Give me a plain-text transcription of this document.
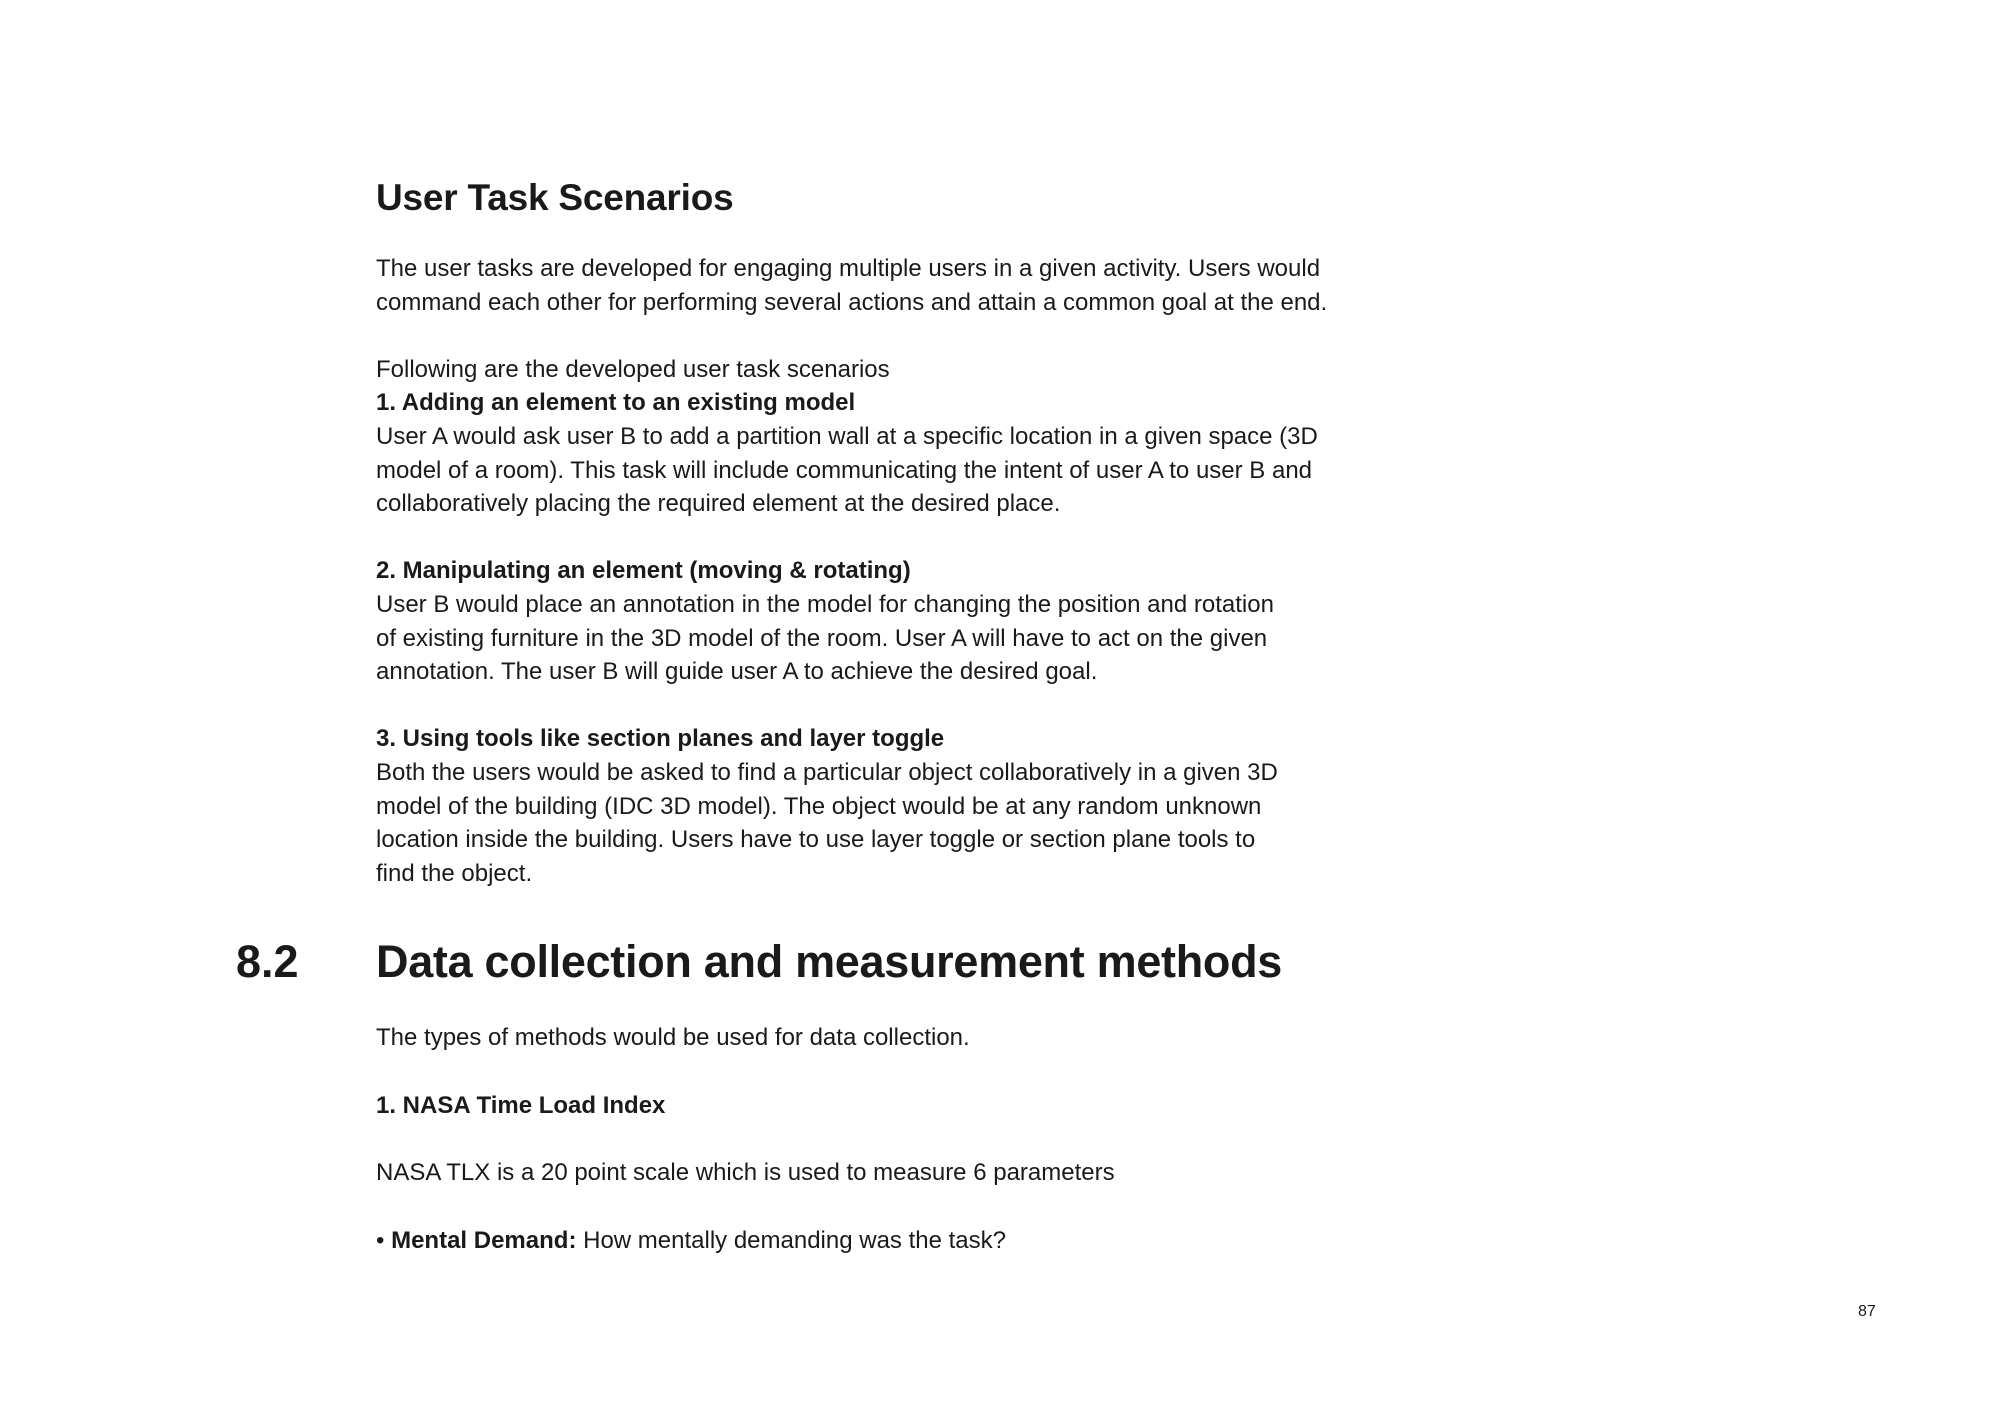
User Task Scenarios

The user tasks are developed for engaging multiple users in a given activity. Users would

command each other for performing several actions and attain a common goal at the end.

Following are the developed user task scenarios

1. Adding an element to an existing model

User A would ask user B to add a partition wall at a specific location in a given space (3D

model of a room). This task will include communicating the intent of user A to user B and

collaboratively placing the required element at the desired place.

2. Manipulating an element (moving & rotating)

User B would place an annotation in the model for changing the position and rotation

of existing furniture in the 3D model of the room. User A will have to act on the given

annotation. The user B will guide user A to achieve the desired goal.

3. Using tools like section planes and layer toggle

Both the users would be asked to find a particular object collaboratively in a given 3D

model of the building (IDC 3D model). The object would be at any random unknown

location inside the building. Users have to use layer toggle or section plane tools to

find the object.

8.2 Data collection and measurement methods

The types of methods would be used for data collection.

1. NASA Time Load Index

NASA TLX is a 20 point scale which is used to measure 6 parameters

• Mental Demand: How mentally demanding was the task?

87
